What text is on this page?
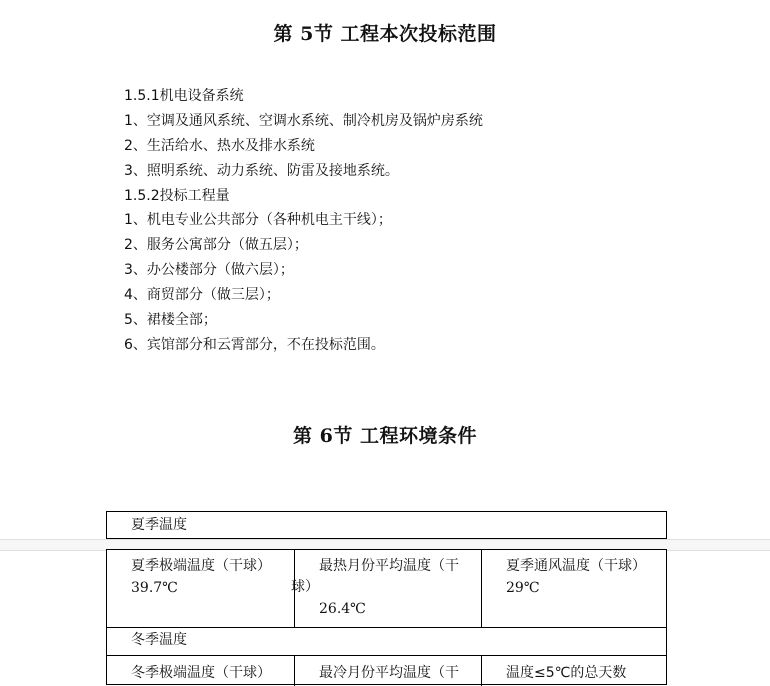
第 5节 工程本次投标范围
1.5.1机电设备系统
1、空调及通风系统、空调水系统、制冷机房及锅炉房系统
2、生活给水、热水及排水系统
3、照明系统、动力系统、防雷及接地系统。
1.5.2投标工程量
1、机电专业公共部分（各种机电主干线）；
2、服务公寓部分（做五层）；
3、办公楼部分（做六层）；
4、商贸部分（做三层）；
5、裙楼全部；
6、宾馆部分和云霄部分，不在投标范围。
第 6节 工程环境条件
夏季温度
夏季极端温度（干球）
39.7℃
最热月份平均温度（干
球）
26.4℃
夏季通风温度（干球）
29℃
冬季温度
冬季极端温度（干球）	最冷月份平均温度（干	温度≤5℃的总天数
